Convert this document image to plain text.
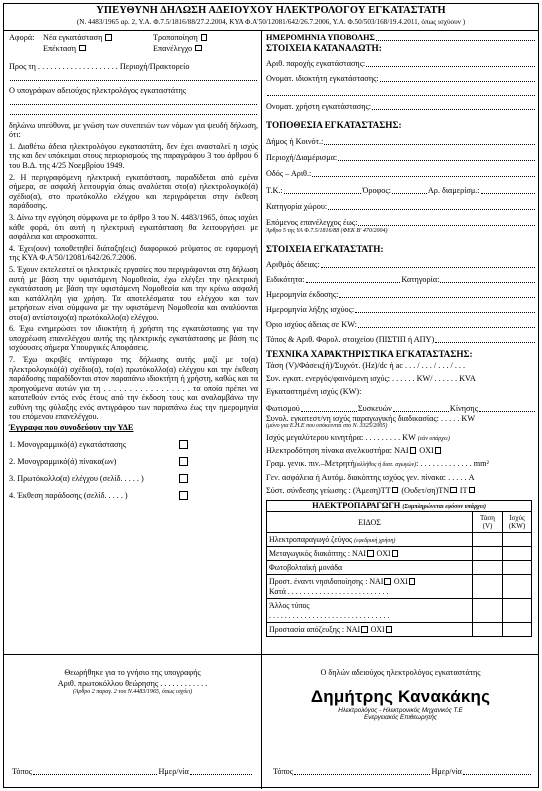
ΥΠΕΥΘΥΝΗ ΔΗΛΩΣΗ ΑΔΕΙΟΥΧΟΥ ΗΛΕΚΤΡΟΛΟΓΟΥ ΕΓΚΑΤΑΣΤΑΤΗ
(Ν. 4483/1965 αρ. 2, Υ.Α. Φ.7.5/1816/88/27.2.2004, ΚΥΑ Φ.Α'50/12081/642/26.7.2006, Υ.Α. Φ.50/503/168/19.4.2011, όπως ισχύουν )
Αφορά:	Νέα εγκατάσταση	Τροποποίηση
Επέκταση	Επανέλεγχο
Προς τη . . . . . . . . . . . . . . . . . . . . Περιοχή/Πρακτορείο
Ο υπογράφων αδειούχος ηλεκτρολόγος εγκαταστάτης
δηλώνω υπεύθυνα, με γνώση των συνεπειών των νόμων για ψευδή δήλωση, ότι:
1. Διαθέτω άδεια ηλεκτρολόγου εγκαταστάτη, δεν έχει ανασταλεί η ισχύς της και δεν υπόκειμαι στους περιορισμούς της παραγράφου 3 του άρθρου 6 του Β.Δ. της 4/25 Νοεμβρίου 1949.
2. Η περιγραφόμενη ηλεκτρική εγκατάσταση, παραδίδεται από εμένα σήμερα, σε ασφαλή λειτουργία όπως αναλύεται στο(α) ηλεκτρολογικό(ά) σχέδιο(α), στο πρωτόκολλο ελέγχου και περιγράφεται στην έκθεση παράδοσης.
3. Δίνω την εγγύηση σύμφωνα με το άρθρο 3 του Ν. 4483/1965, όπως ισχύει κάθε φορά, ότι αυτή η ηλεκτρική εγκατάσταση θα λειτουργήσει με ασφάλεια και απροσκοπτα.
4. Έχει(ουν) τοποθετηθεί διάταξη(εις) διαφορικού ρεύματος σε εφαρμογή της ΚΥΑ Φ.Α'50/12081/642/26.7.2006.
5. Έχουν εκτελεστεί οι ηλεκτρικές εργασίες που περιγράφονται στη δήλωση αυτή με βάση την υφιστάμενη Νομοθεσία, έχω ελέγξει την ηλεκτρική εγκατάσταση με βάση την υφιστάμενη Νομοθεσία και την κρίνω ασφαλή και κατάλληλη για χρήση. Τα αποτελέσματα του ελέγχου και των μετρήσεων είναι σύμφωνα με την υφιστάμενη Νομοθεσία και αναλύονται στο(α) αντίστοιχο(α) πρωτόκολλο(α) ελέγχου.
6. Έχω ενημερώσει τον ιδιοκτήτη ή χρήστη της εγκατάστασης για την υποχρέωση επανελέγχου αυτής της ηλεκτρικής εγκατάστασης με βάση τις ισχύουσες σήμερα Υπουργικές Αποφάσεις.
7. Έχω ακριβές αντίγραφο της δήλωσης αυτής μαζί με το(α) ηλεκτρολογικό(ά) σχέδιο(α), το(α) πρωτόκολλο(α) ελέγχου και την έκθεση παράδοσης παραδίδονται στον παραπάνω ιδιοκτήτη ή χρήστη, καθώς και τα προηγούμενα αυτών για τη . . . . . . . . . . . . . . . . . τα οποία πρέπει να κατατεθούν εντός ενός έτους από την έκδοση τους και αναλαμβάνω την ευθύνη της φύλαξης ενός αντιγράφου των παραπάνω έως την ημερομηνία του επόμενου επανελέγχου.
Έγγραφα που συνοδεύουν την ΥΔΕ
1. Μονογραμμικό(ά) εγκατάστασης
2. Μονογραμμικό(ά) πίνακα(ων)
3. Πρωτόκολλο(α) ελέγχου (σελίδ. . . . . )
4. Έκθεση παράδοσης (σελίδ. . . . . )
ΗΜΕΡΟΜΗΝΙΑ ΥΠΟΒΟΛΗΣ
ΣΤΟΙΧΕΙΑ ΚΑΤΑΝΑΛΩΤΗ:
Αριθ. παροχής εγκατάστασης:
Ονοματ. ιδιοκτήτη εγκατάστασης:
Ονοματ. χρήστη εγκατάστασης:
ΤΟΠΟΘΕΣΙΑ ΕΓΚΑΤΑΣΤΑΣΗΣ:
Δήμος ή Κοινότ.:
Περιοχή/Διαμέρισμα:
Οδός – Αριθ.:
Τ.Κ.:	Όροφος:	Αρ. διαμερίσμ.:
Κατηγορία χώρου:
Επόμενος επανέλεγχος έως:
Άρθρο 5 της ΥΑ Φ.7.5/1816/88 (ΦΕΚ Β' 470/2004)
ΣΤΟΙΧΕΙΑ ΕΓΚΑΤΑΣΤΑΤΗ:
Αριθμός άδειας:
Ειδικότητα:	Κατηγορία:
Ημερομηνία έκδοσης:
Ημερομηνία λήξης ισχύος:
Όριο ισχύος άδειας σε KW:
Τόπος & Αριθ. Φορολ. στοιχείου (ΠΙΣΤΙΠ ή ΑΠΥ)
ΤΕΧΝΙΚΑ ΧΑΡΑΚΤΗΡΙΣΤΙΚΑ ΕΓΚΑΤΑΣΤΑΣΗΣ:
Τάση (V)/Φάσεις(ή)/Συχνότ. (Hz)/dc ή ac . . . / . . . / . . . / . . .
Συν. εγκατ. ενεργός/φαινόμενη ισχύς: . . . . . . KW/ . . . . . . KVA
Εγκαταστημένη ισχύς (KW):
Φωτισμού	Συσκευών	Κίνησης
Συνολ. εγκατεστ/νη ισχύς παραγωγικής διαδικασίας: . . . . . KW
(μόνο για Ε.Η.Ε που υπόκεινται στο Ν. 3325/2005)
Ισχύς μεγαλύτερου κινητήρα: . . . . . . . . . KW (εάν υπάρχει)
Ηλεκτροδότηση πίνακα ανελκυστήρα: ΝΑΙ ΟΧΙ
Γραμ. γενικ. πιν.–Μετρητή(αλλήθος ή διατ. αγωγών): . . . . . . . . . . . . . mm²
Γεν. ασφάλεια ή Αυτόμ. διακόπτης ισχύος γεν. πίνακα: . . . . . A
Σύστ. σύνδεσης γείωσης : (Άμεση)TT (Ουδετ/ση)TN IT
ΗΛΕΚΤΡΟΠΑΡΑΓΩΓΗ (Συμπληρώνεται εφόσον υπάρχει)		
ΕΙΔΟΣ	Τάση (V)	Ισχύς (KW)
Ηλεκτροπαραγωγό ζεύγος (εφεδρική χρήση)		
Μεταγωγικός διακόπτης : ΝΑΙ ΟΧΙ		
Φωτοβολταϊκή μονάδα		
Προστ. έναντι νησιδοποίησης : ΝΑΙ ΟΧΙ
Κατά . . . . . . . . . . . . . . . . . . . . . . . . . .		
Άλλος τύπος
. . . . . . . . . . . . . . . . . . . . . . . . . . . . . . .		
Προστασία απόζευξης : ΝΑΙ ΟΧΙ		
Θεωρήθηκε για το γνήσιο της υπογραφής
Αριθ. πρωτοκόλλου θεώρησης . . . . . . . . . . . .
(Άρθρο 2 παραγ. 2 του Ν.4483/1965, όπως ισχύει)
Τόπος	Ημερ/νία
Ο δηλών αδειούχος ηλεκτρολόγος εγκαταστάτης
Δημήτρης Κανακάκης
Ηλεκτρολόγος - Ηλεκτρονικός Μηχανικός Τ.Ε
Ενεργειακός Επιθεωρητής
Τόπος	Ημερ/νία
